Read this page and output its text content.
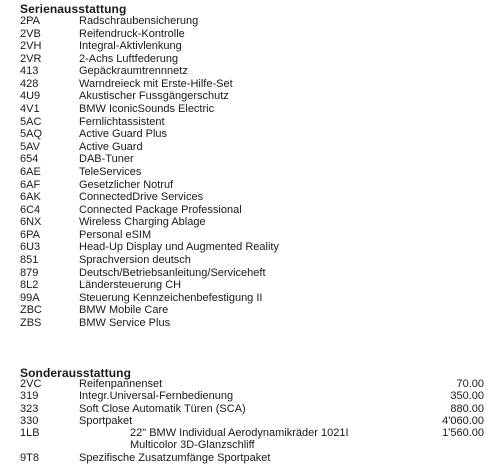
Serienausstattung
2PA	Radschraubensicherung
2VB	Reifendruck-Kontrolle
2VH	Integral-Aktivlenkung
2VR	2-Achs Luftfederung
413	Gepäckraumtrennnetz
428	Warndreieck mit Erste-Hilfe-Set
4U9	Akustischer Fussgängerschutz
4V1	BMW IconicSounds Electric
5AC	Fernlichtassistent
5AQ	Active Guard Plus
5AV	Active Guard
654	DAB-Tuner
6AE	TeleServices
6AF	Gesetzlicher Notruf
6AK	ConnectedDrive Services
6C4	Connected Package Professional
6NX	Wireless Charging Ablage
6PA	Personal eSIM
6U3	Head-Up Display und Augmented Reality
851	Sprachversion deutsch
879	Deutsch/Betriebsanleitung/Serviceheft
8L2	Ländersteuerung CH
99A	Steuerung Kennzeichenbefestigung II
ZBC	BMW Mobile Care
ZBS	BMW Service Plus
Sonderausstattung
2VC	Reifenpannenset	70.00
319	Integr.Universal-Fernbedienung	350.00
323	Soft Close Automatik Türen (SCA)	880.00
330	Sportpaket	4'060.00
1LB	22" BMW Individual Aerodynamikräder 1021I	1'560.00
Multicolor 3D-Glanzschliff
9T8	Spezifische Zusatzumfänge Sportpaket
